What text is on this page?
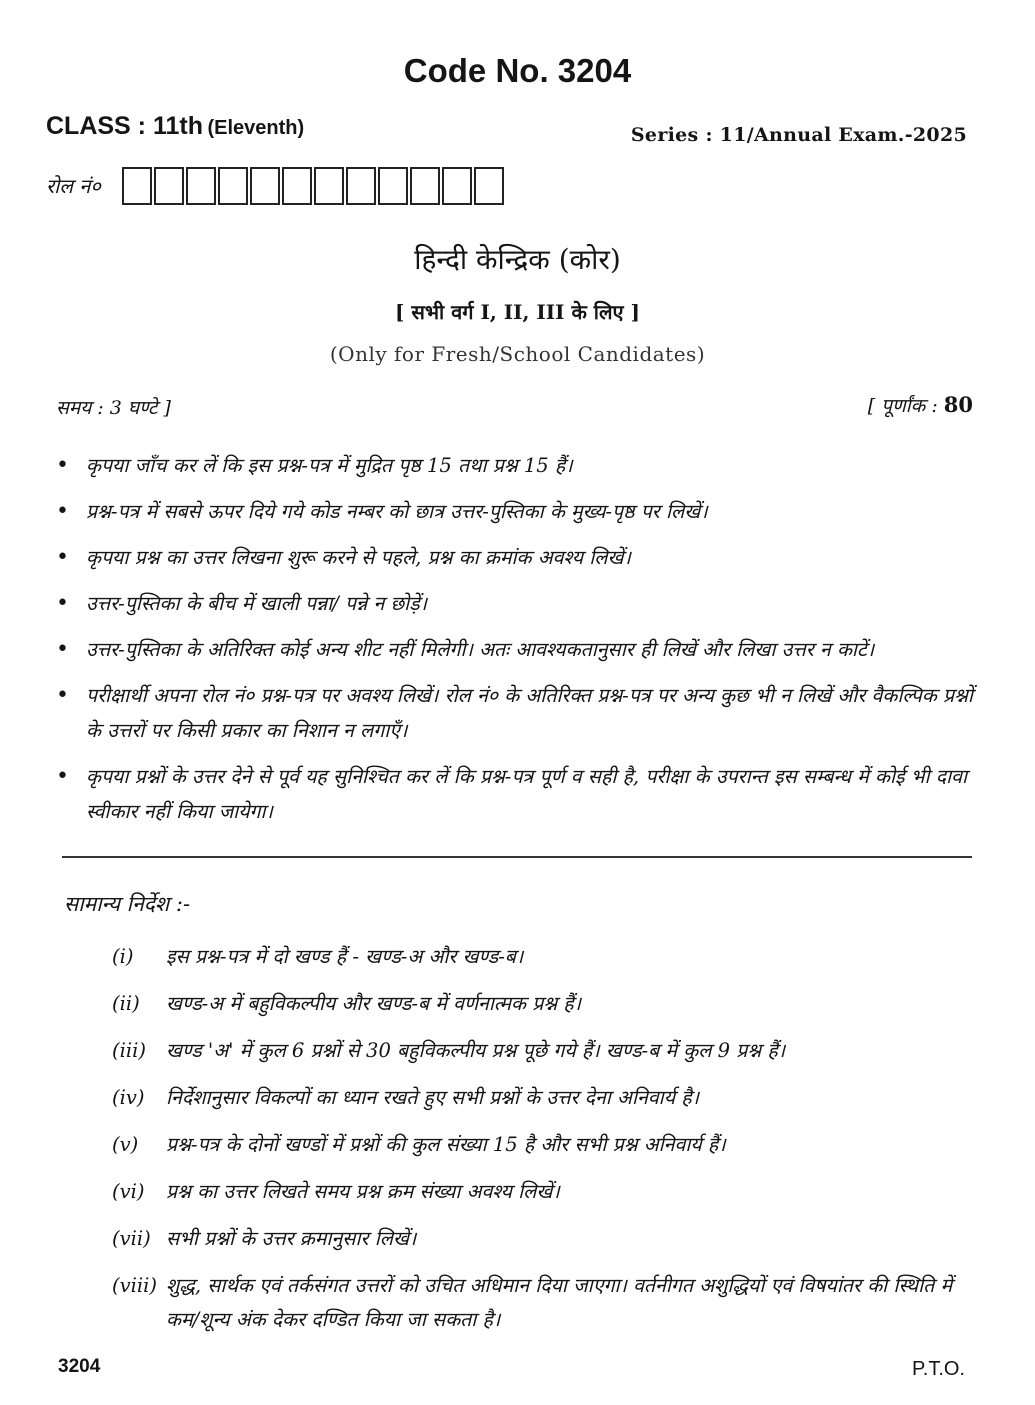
Code No. 3204
CLASS : 11th (Eleventh)	Series : 11/Annual Exam.-2025
रोल नं०
हिन्दी केन्द्रिक (कोर)
[ सभी वर्ग I, II, III के लिए ]
(Only for Fresh/School Candidates)
समय : 3 घण्टे ]	[ पूर्णांक : 80
• कृपया जाँच कर लें कि इस प्रश्न-पत्र में मुद्रित पृष्ठ 15 तथा प्रश्न 15 हैं।
• प्रश्न-पत्र में सबसे ऊपर दिये गये कोड नम्बर को छात्र उत्तर-पुस्तिका के मुख्य-पृष्ठ पर लिखें।
• कृपया प्रश्न का उत्तर लिखना शुरू करने से पहले, प्रश्न का क्रमांक अवश्य लिखें।
• उत्तर-पुस्तिका के बीच में खाली पन्ना/ पन्ने न छोड़ें।
• उत्तर-पुस्तिका के अतिरिक्त कोई अन्य शीट नहीं मिलेगी। अतः आवश्यकतानुसार ही लिखें और लिखा उत्तर न काटें।
• परीक्षार्थी अपना रोल नं० प्रश्न-पत्र पर अवश्य लिखें। रोल नं० के अतिरिक्त प्रश्न-पत्र पर अन्य कुछ भी न लिखें और वैकल्पिक प्रश्नों के उत्तरों पर किसी प्रकार का निशान न लगाएँ।
• कृपया प्रश्नों के उत्तर देने से पूर्व यह सुनिश्चित कर लें कि प्रश्न-पत्र पूर्ण व सही है, परीक्षा के उपरान्त इस सम्बन्ध में कोई भी दावा स्वीकार नहीं किया जायेगा।
सामान्य निर्देश :-
(i)	इस प्रश्न-पत्र में दो खण्ड हैं - खण्ड-अ और खण्ड-ब।
(ii)	खण्ड-अ में बहुविकल्पीय और खण्ड-ब में वर्णनात्मक प्रश्न हैं।
(iii)	खण्ड 'अ' में कुल 6 प्रश्नों से 30 बहुविकल्पीय प्रश्न पूछे गये हैं। खण्ड-ब में कुल 9 प्रश्न हैं।
(iv)	निर्देशानुसार विकल्पों का ध्यान रखते हुए सभी प्रश्नों के उत्तर देना अनिवार्य है।
(v)	प्रश्न-पत्र के दोनों खण्डों में प्रश्नों की कुल संख्या 15 है और सभी प्रश्न अनिवार्य हैं।
(vi)	प्रश्न का उत्तर लिखते समय प्रश्न क्रम संख्या अवश्य लिखें।
(vii) सभी प्रश्नों के उत्तर क्रमानुसार लिखें।
(viii) शुद्ध, सार्थक एवं तर्कसंगत उत्तरों को उचित अधिमान दिया जाएगा। वर्तनीगत अशुद्धियों एवं विषयांतर की स्थिति में कम/शून्य अंक देकर दण्डित किया जा सकता है।
3204	P.T.O.
